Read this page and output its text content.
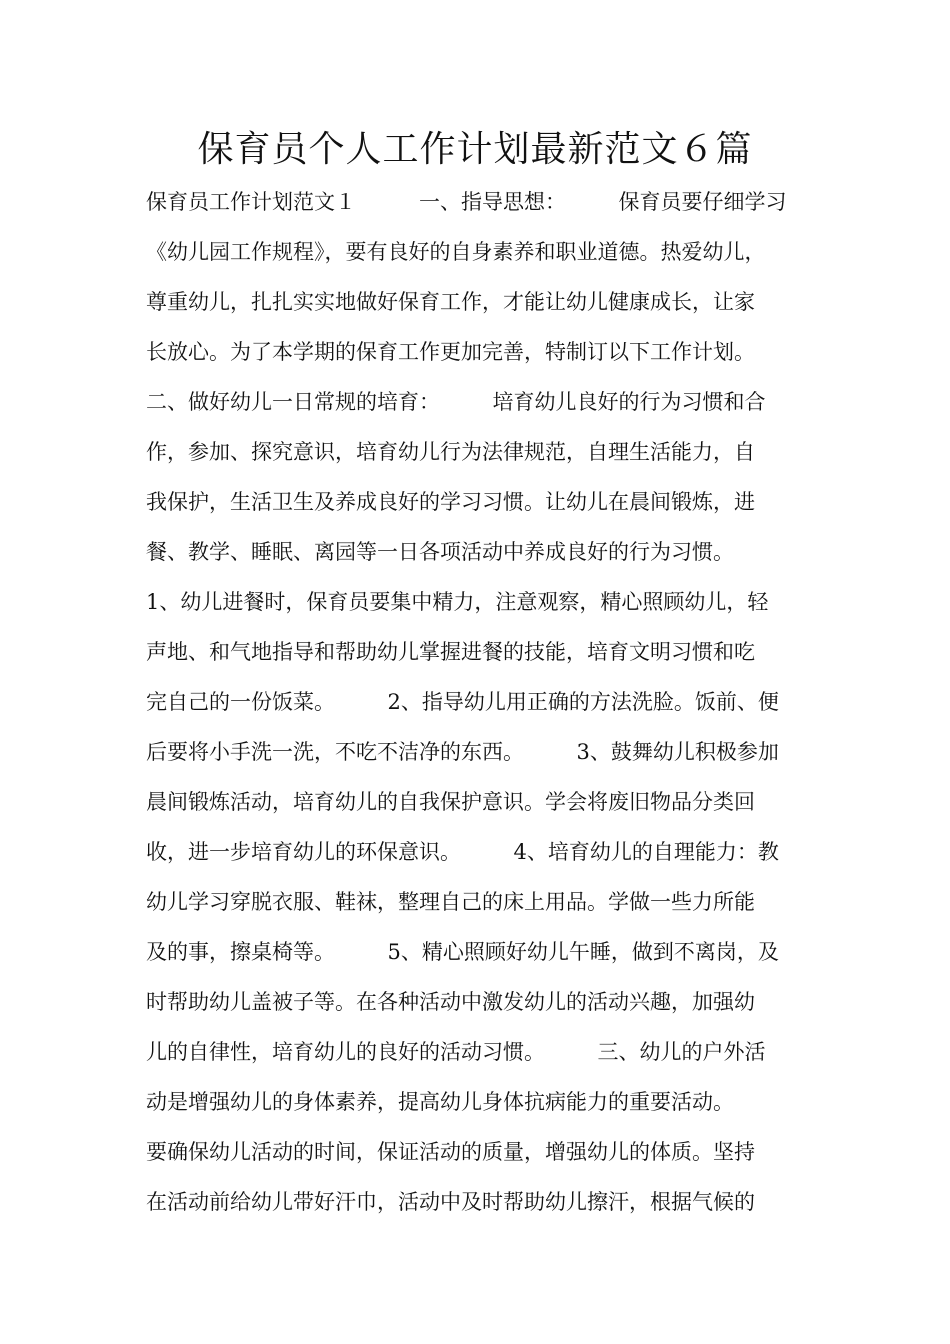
保育员个人工作计划最新范文６篇
保育员工作计划范文１　　　一、指导思想：　　　保育员要仔细学习
《幼儿园工作规程》，要有良好的自身素养和职业道德。热爱幼儿，
尊重幼儿，扎扎实实地做好保育工作，才能让幼儿健康成长，让家
长放心。为了本学期的保育工作更加完善，特制订以下工作计划。
二、做好幼儿一日常规的培育：　　　培育幼儿良好的行为习惯和合
作，参加、探究意识，培育幼儿行为法律规范，自理生活能力，自
我保护，生活卫生及养成良好的学习习惯。让幼儿在晨间锻炼，进
餐、教学、睡眠、离园等一日各项活动中养成良好的行为习惯。
1、幼儿进餐时，保育员要集中精力，注意观察，精心照顾幼儿，轻
声地、和气地指导和帮助幼儿掌握进餐的技能，培育文明习惯和吃
完自己的一份饭菜。　　　2、指导幼儿用正确的方法洗脸。饭前、便
后要将小手洗一洗，不吃不洁净的东西。　　　3、鼓舞幼儿积极参加
晨间锻炼活动，培育幼儿的自我保护意识。学会将废旧物品分类回
收，进一步培育幼儿的环保意识。　　　4、培育幼儿的自理能力：教
幼儿学习穿脱衣服、鞋袜，整理自己的床上用品。学做一些力所能
及的事，擦桌椅等。　　　5、精心照顾好幼儿午睡，做到不离岗，及
时帮助幼儿盖被子等。在各种活动中激发幼儿的活动兴趣，加强幼
儿的自律性，培育幼儿的良好的活动习惯。　　　三、幼儿的户外活
动是增强幼儿的身体素养，提高幼儿身体抗病能力的重要活动。
要确保幼儿活动的时间，保证活动的质量，增强幼儿的体质。坚持
在活动前给幼儿带好汗巾，活动中及时帮助幼儿擦汗，根据气候的
